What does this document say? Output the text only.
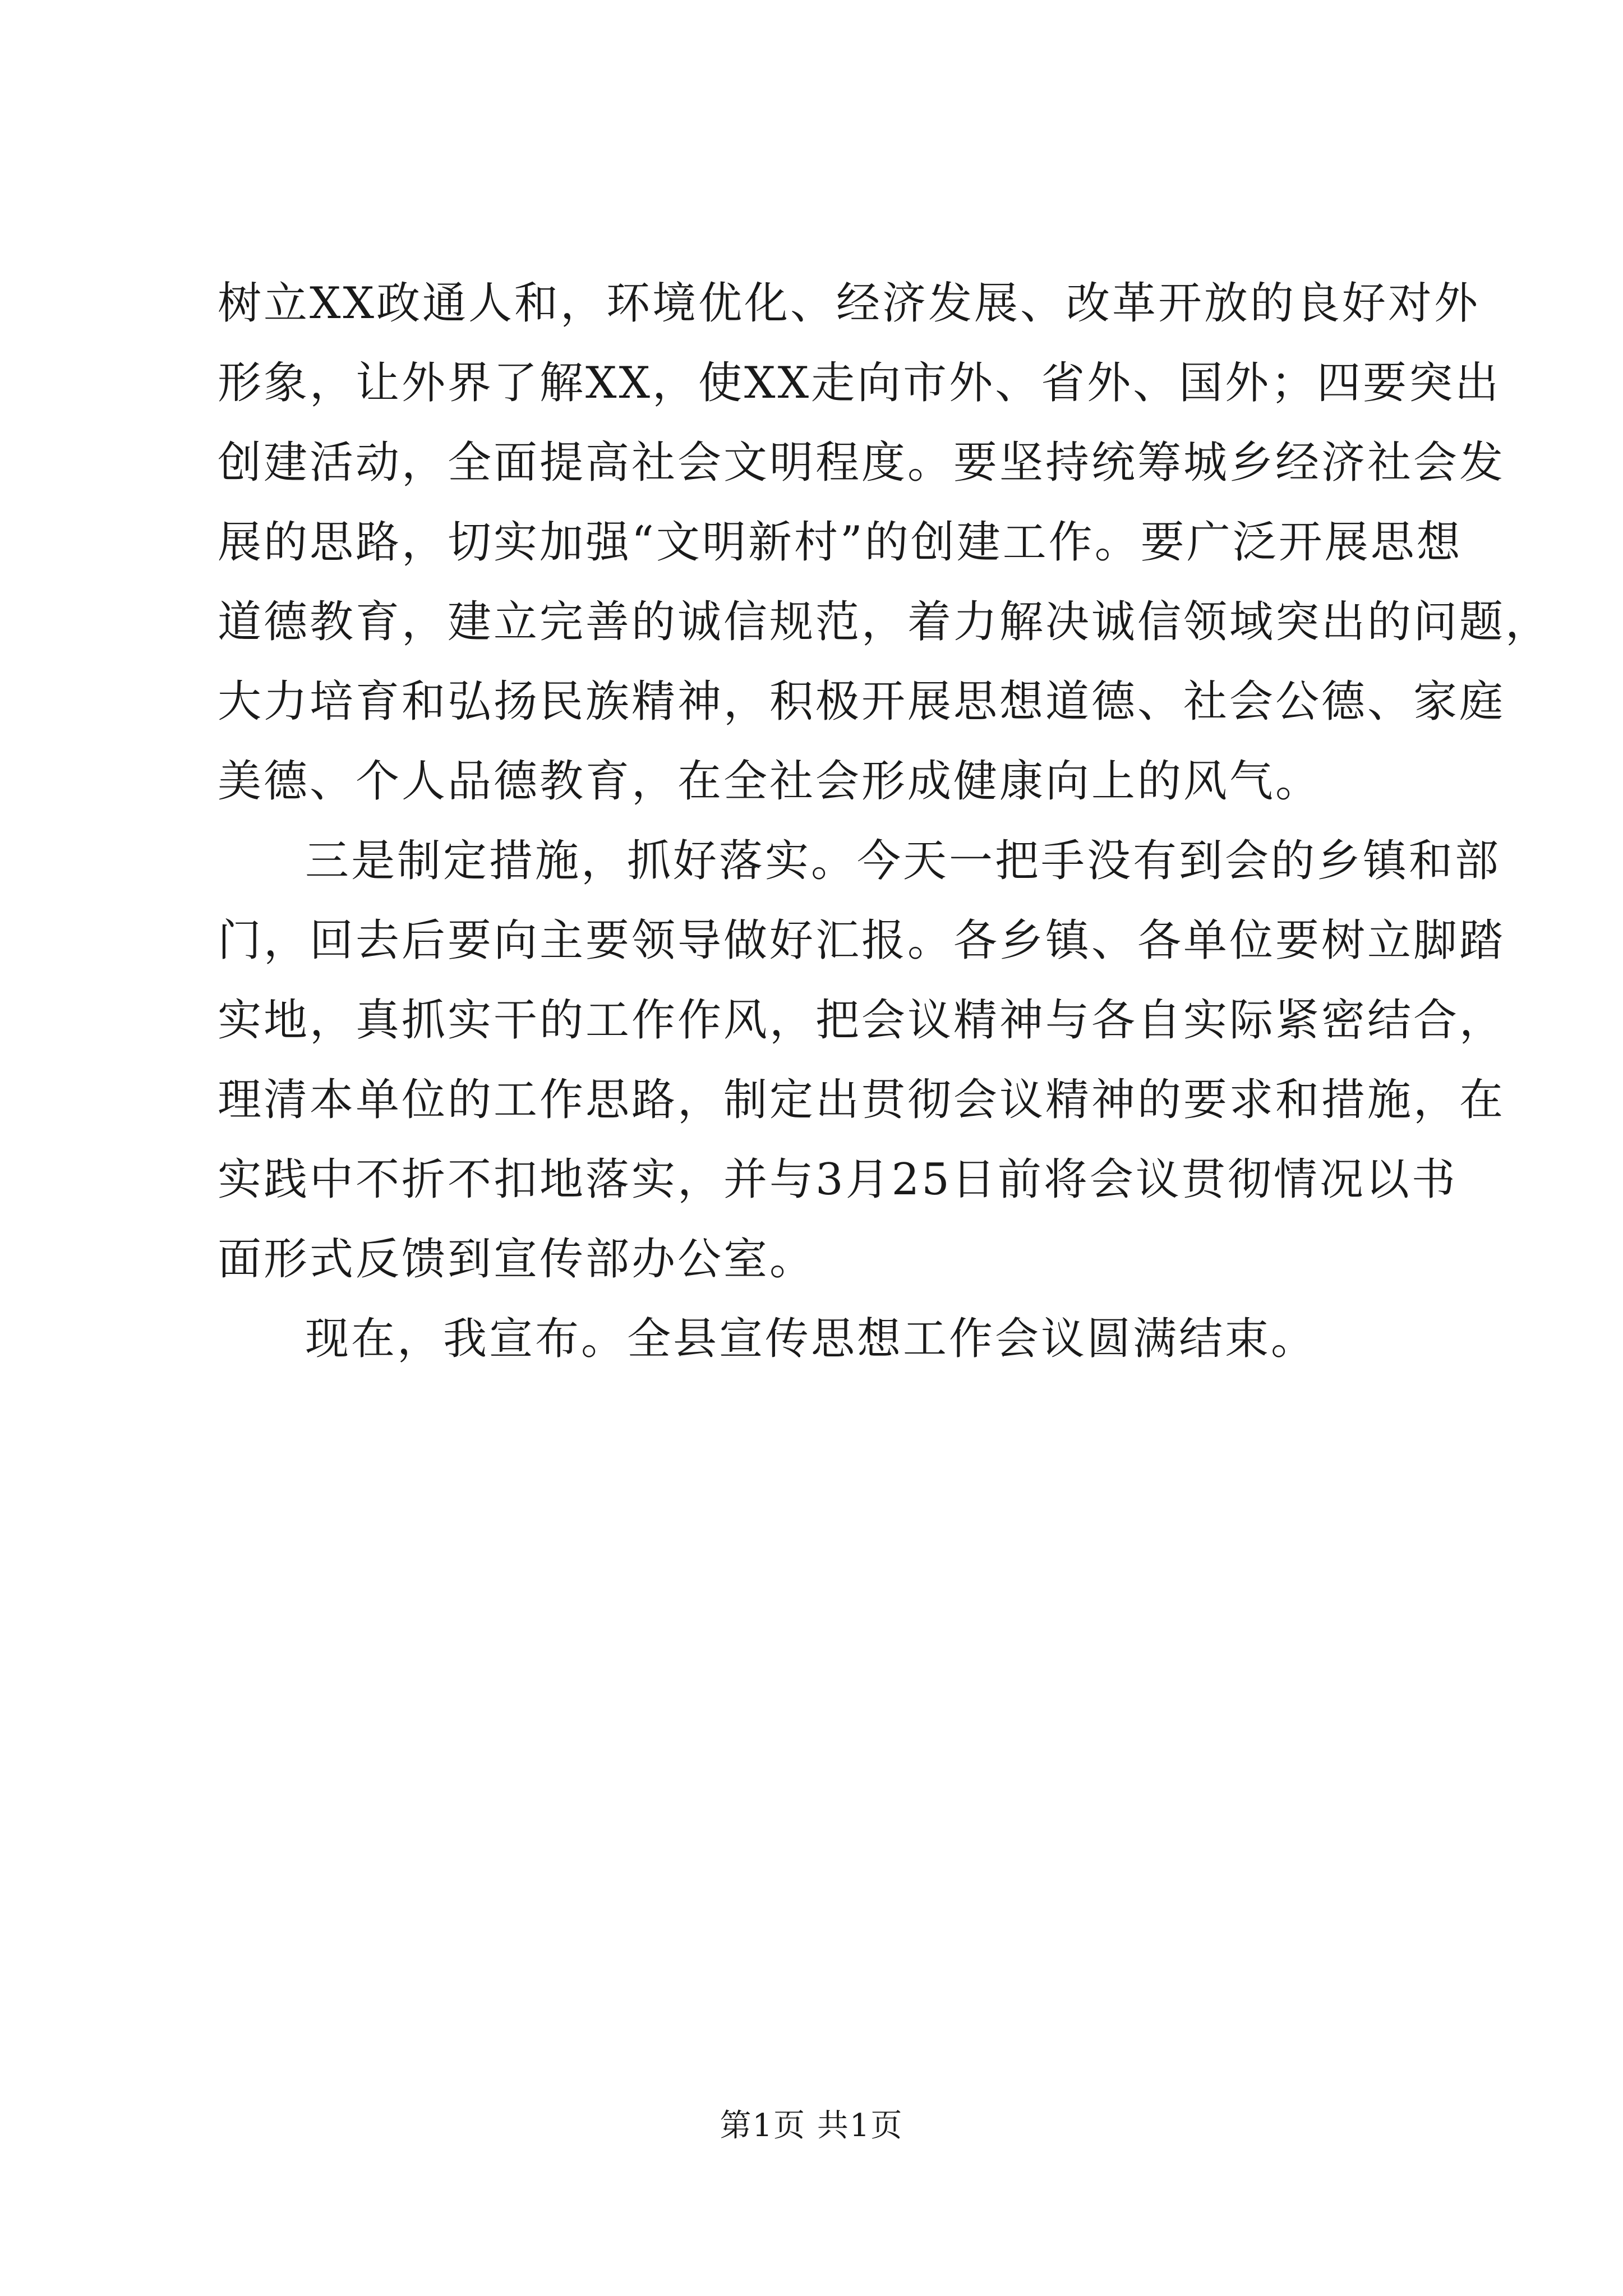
树立XX政通人和，环境优化、经济发展、改革开放的良好对外
形象，让外界了解XX，使XX走向市外、省外、国外；四要突出
创建活动，全面提高社会文明程度。要坚持统筹城乡经济社会发
展的思路，切实加强“文明新村”的创建工作。要广泛开展思想
道德教育，建立完善的诚信规范，着力解决诚信领域突出的问题，
大力培育和弘扬民族精神，积极开展思想道德、社会公德、家庭
美德、个人品德教育，在全社会形成健康向上的风气。
三是制定措施，抓好落实。今天一把手没有到会的乡镇和部
门，回去后要向主要领导做好汇报。各乡镇、各单位要树立脚踏
实地，真抓实干的工作作风，把会议精神与各自实际紧密结合，
理清本单位的工作思路，制定出贯彻会议精神的要求和措施，在
实践中不折不扣地落实，并与3月25日前将会议贯彻情况以书
面形式反馈到宣传部办公室。
现在，我宣布。全县宣传思想工作会议圆满结束。
第1页 共1页
